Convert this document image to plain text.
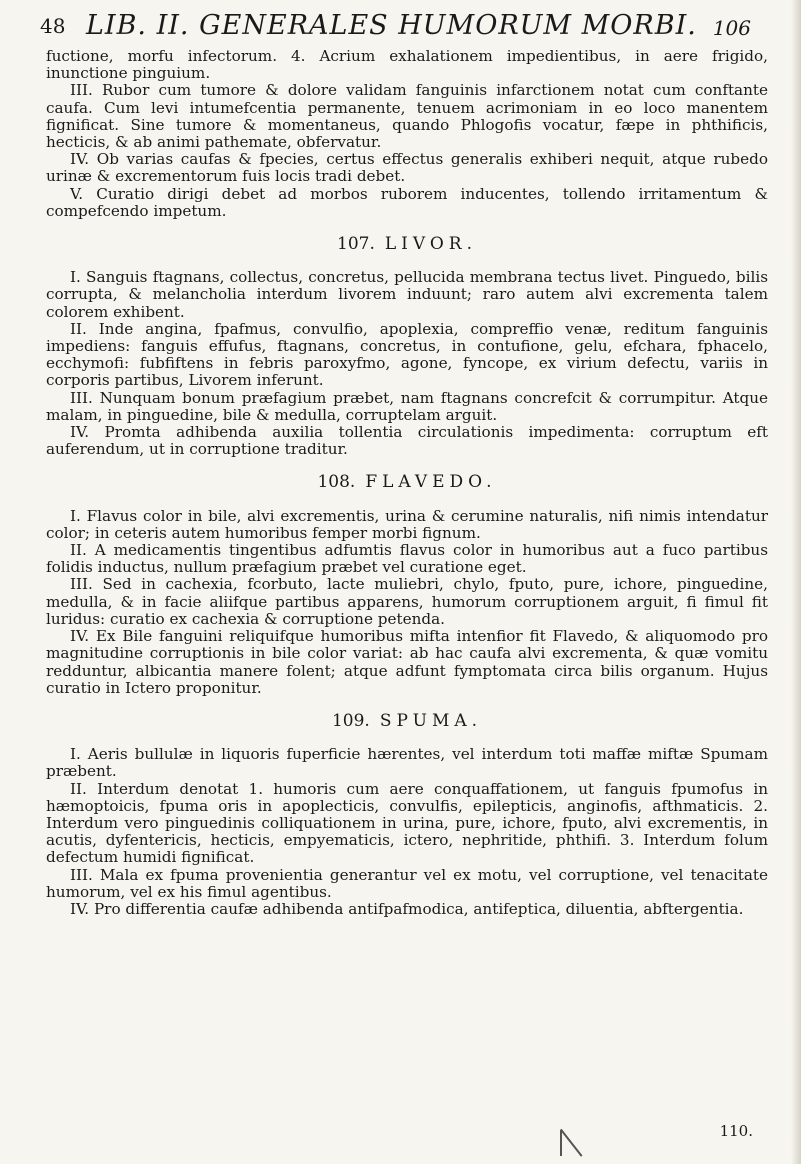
48 LIB. II. GENERALES HUMORUM MORBI. 106

fuctione, morfu infectorum. 4. Acrium exhalationem impedientibus, in aere frigido, inunctione pinguium.

III. Rubor cum tumore & dolore validam fanguinis infarctionem notat cum conftante caufa. Cum levi intumefcentia permanente, tenuem acrimoniam in eo loco manentem fignificat. Sine tumore & momentaneus, quando Phlogofis vocatur, fæpe in phthificis, hecticis, & ab animi pathemate, obfervatur.

IV. Ob varias caufas & fpecies, certus effectus generalis exhiberi nequit, atque rubedo urinæ & excrementorum fuis locis tradi debet.

V. Curatio dirigi debet ad morbos ruborem inducentes, tollendo irritamentum & compefcendo impetum.

107. LIVOR.

I. Sanguis ftagnans, collectus, concretus, pellucida membrana tectus livet. Pinguedo, bilis corrupta, & melancholia interdum livorem induunt; raro autem alvi excrementa talem colorem exhibent.

II. Inde angina, fpafmus, convulfio, apoplexia, compreffio venæ, reditum fanguinis impediens: fanguis effufus, ftagnans, concretus, in contufione, gelu, efchara, fphacelo, ecchymofi: fubfiftens in febris paroxyfmo, agone, fyncope, ex virium defectu, variis in corporis partibus, Livorem inferunt.

III. Nunquam bonum præfagium præbet, nam ftagnans concrefcit & corrumpitur. Atque malam, in pinguedine, bile & medulla, corruptelam arguit.

IV. Promta adhibenda auxilia tollentia circulationis impedimenta: corruptum eft auferendum, ut in corruptione traditur.

108. FLAVEDO.

I. Flavus color in bile, alvi excrementis, urina & cerumine naturalis, nifi nimis intendatur color; in ceteris autem humoribus femper morbi fignum.

II. A medicamentis tingentibus adfumtis flavus color in humoribus aut a fuco partibus folidis inductus, nullum præfagium præbet vel curatione eget.

III. Sed in cachexia, fcorbuto, lacte muliebri, chylo, fputo, pure, ichore, pinguedine, medulla, & in facie aliifque partibus apparens, humorum corruptionem arguit, fi fimul fit luridus: curatio ex cachexia & corruptione petenda.

IV. Ex Bile fanguini reliquifque humoribus mifta intenfior fit Flavedo, & aliquomodo pro magnitudine corruptionis in bile color variat: ab hac caufa alvi excrementa, & quæ vomitu redduntur, albicantia manere folent; atque adfunt fymptomata circa bilis organum. Hujus curatio in Ictero proponitur.

109. SPUMA.

I. Aeris bullulæ in liquoris fuperficie hærentes, vel interdum toti maffæ miftæ Spumam præbent.

II. Interdum denotat 1. humoris cum aere conquaffationem, ut fanguis fpumofus in hæmoptoicis, fpuma oris in apoplecticis, convulfis, epilepticis, anginofis, afthmaticis. 2. Interdum vero pinguedinis colliquationem in urina, pure, ichore, fputo, alvi excrementis, in acutis, dyfentericis, hecticis, empyematicis, ictero, nephritide, phthifi. 3. Interdum folum defectum humidi fignificat.

III. Mala ex fpuma provenientia generantur vel ex motu, vel corruptione, vel tenacitate humorum, vel ex his fimul agentibus.

IV. Pro differentia caufæ adhibenda antifpafmodica, antifeptica, diluentia, abftergentia.

110.
